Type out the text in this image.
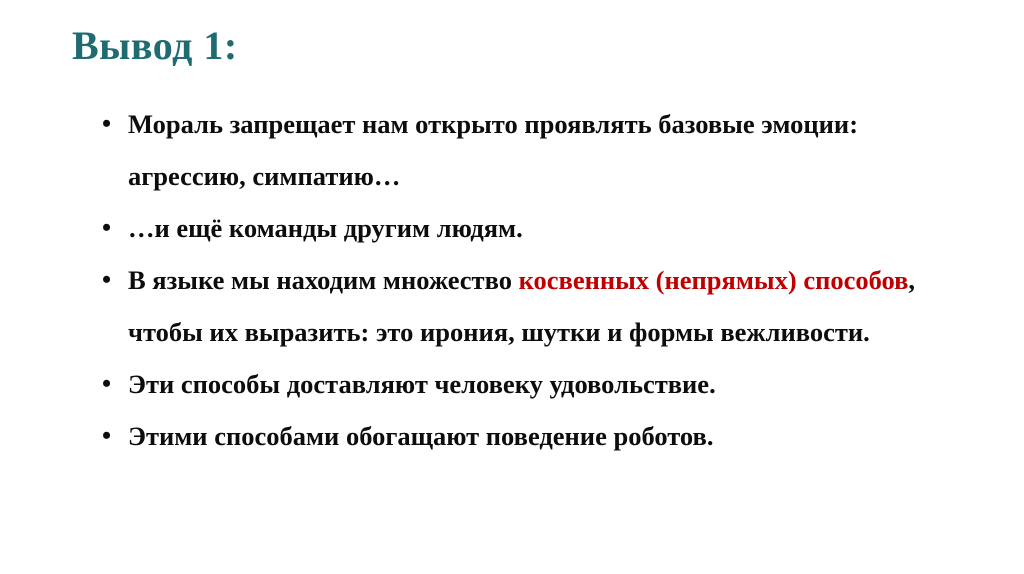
Вывод 1:
• Мораль запрещает нам открыто проявлять базовые эмоции: агрессию, симпатию…
• …и ещё команды другим людям.
• В языке мы находим множество косвенных (непрямых) способов, чтобы их выразить: это ирония, шутки и формы вежливости.
• Эти способы доставляют человеку удовольствие.
• Этими способами обогащают поведение роботов.
